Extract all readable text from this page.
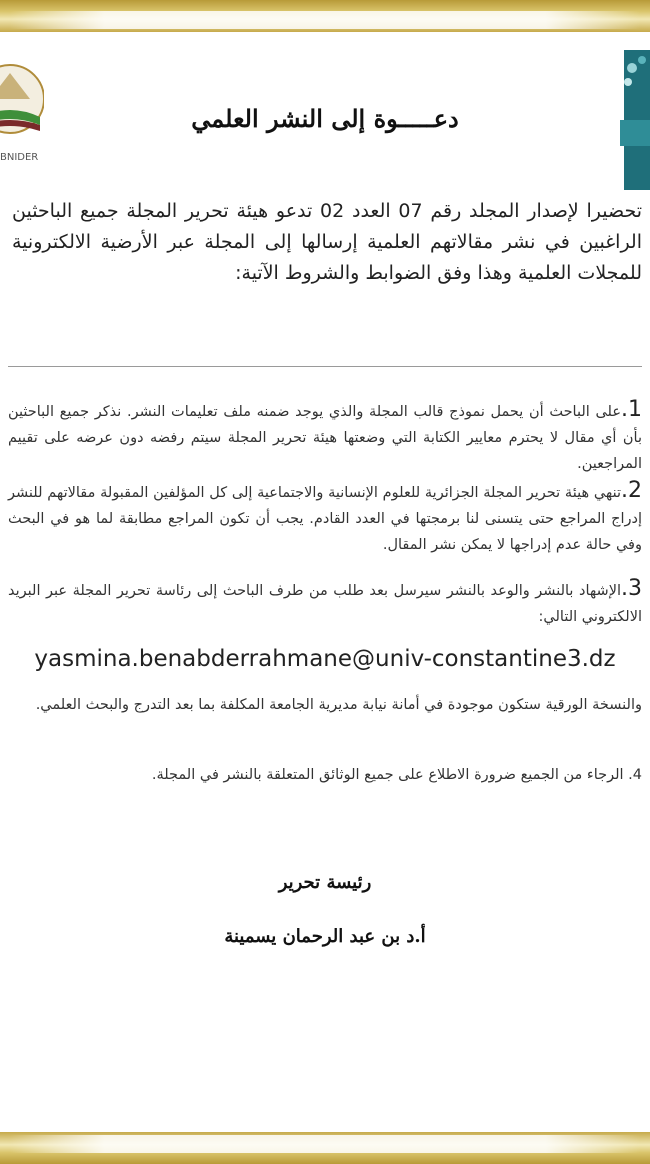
BNIDER
دعـــــوة إلى النشر العلمي
تحضيرا لإصدار المجلد رقم 07 العدد 02 تدعو هيئة تحرير المجلة جميع الباحثين الراغبين في نشر مقالاتهم العلمية إرسالها إلى المجلة عبر الأرضية الالكترونية للمجلات العلمية وهذا وفق الضوابط والشروط الآتية:
1.على الباحث أن يحمل نموذج قالب المجلة والذي يوجد ضمنه ملف تعليمات النشر. نذكر جميع الباحثين بأن أي مقال لا يحترم معايير الكتابة التي وضعتها هيئة تحرير المجلة سيتم رفضه دون عرضه على تقييم المراجعين.
2.تنهي هيئة تحرير المجلة الجزائرية للعلوم الإنسانية والاجتماعية إلى كل المؤلفين المقبولة مقالاتهم للنشر إدراج المراجع حتى يتسنى لنا برمجتها في العدد القادم. يجب أن تكون المراجع مطابقة لما هو في البحث وفي حالة عدم إدراجها لا يمكن نشر المقال.
3.الإشهاد بالنشر والوعد بالنشر سيرسل بعد طلب من طرف الباحث إلى رئاسة تحرير المجلة عبر البريد الالكتروني التالي:
yasmina.benabderrahmane@univ-constantine3.dz
والنسخة الورقية ستكون موجودة في أمانة نيابة مديرية الجامعة المكلفة بما بعد التدرج والبحث العلمي.
4. الرجاء من الجميع ضرورة الاطلاع على جميع الوثائق المتعلقة بالنشر في المجلة.
رئيسة تحرير
أ.د بن عبد الرحمان يسمينة
